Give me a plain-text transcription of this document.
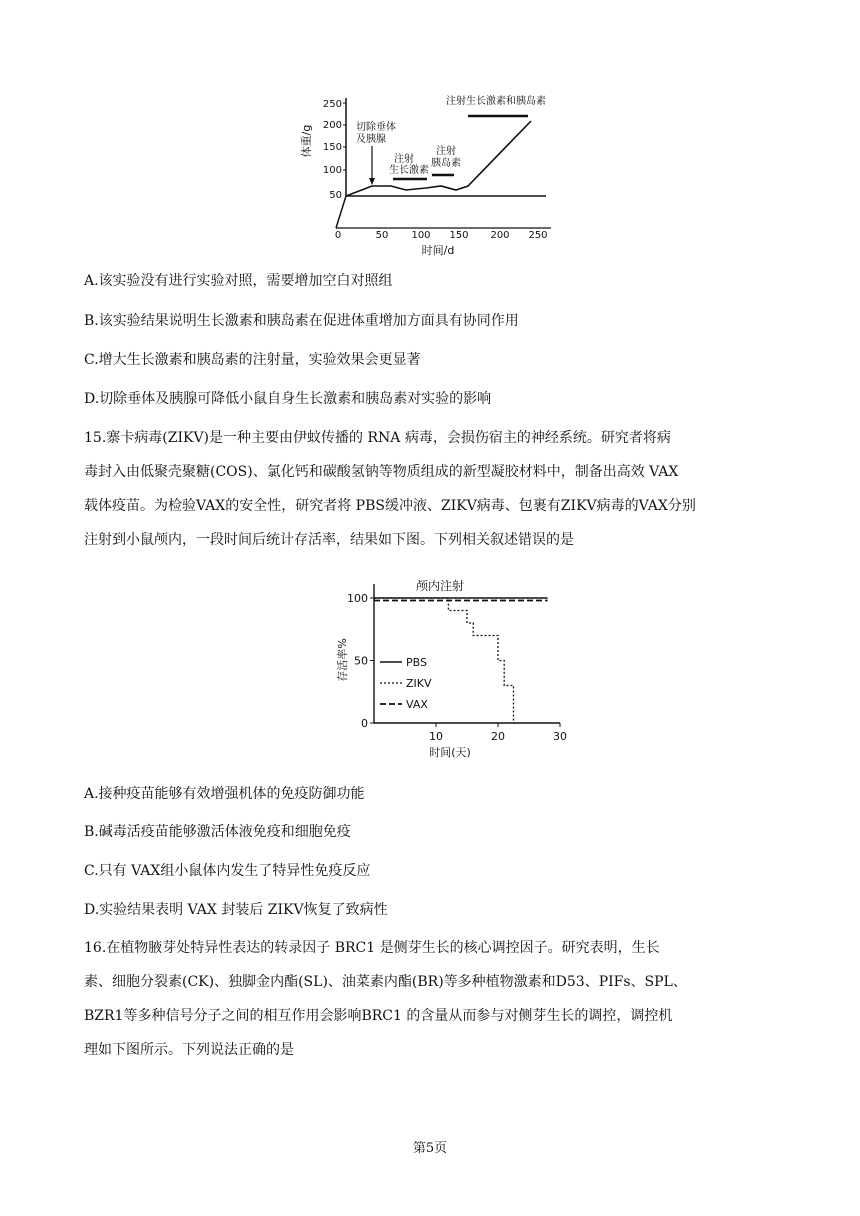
250
200
150
100
50
体重/g
0	50 100 150 200 250
时间/d
切除垂体
及胰腺
注射
生长激素
注射
胰岛素
注射生长激素和胰岛素
A.该实验没有进行实验对照，需要增加空白对照组
B.该实验结果说明生长激素和胰岛素在促进体重增加方面具有协同作用
C.增大生长激素和胰岛素的注射量，实验效果会更显著
D.切除垂体及胰腺可降低小鼠自身生长激素和胰岛素对实验的影响
15.寨卡病毒(ZIKV)是一种主要由伊蚊传播的 RNA 病毒，会损伤宿主的神经系统。研究者将病
毒封入由低聚壳聚糖(COS)、氯化钙和碳酸氢钠等物质组成的新型凝胶材料中，制备出高效 VAX
载体疫苗。为检验VAX的安全性，研究者将 PBS缓冲液、ZIKV病毒、包裹有ZIKV病毒的VAX分别
注射到小鼠颅内，一段时间后统计存活率，结果如下图。下列相关叙述错误的是
10	20	30
0
50
100
颅内注射
存活率%
时间(天)
PBS
ZIKV
VAX
A.接种疫苗能够有效增强机体的免疫防御功能
B.碱毒活疫苗能够激活体液免疫和细胞免疫
C.只有 VAX组小鼠体内发生了特异性免疫反应
D.实验结果表明 VAX 封装后 ZIKV恢复了致病性
16.在植物腋芽处特异性表达的转录因子 BRC1 是侧芽生长的核心调控因子。研究表明，生长
素、细胞分裂素(CK)、独脚金内酯(SL)、油菜素内酯(BR)等多种植物激素和D53、PIFs、SPL、
BZR1等多种信号分子之间的相互作用会影响BRC1 的含量从而参与对侧芽生长的调控，调控机
理如下图所示。下列说法正确的是
第5页
